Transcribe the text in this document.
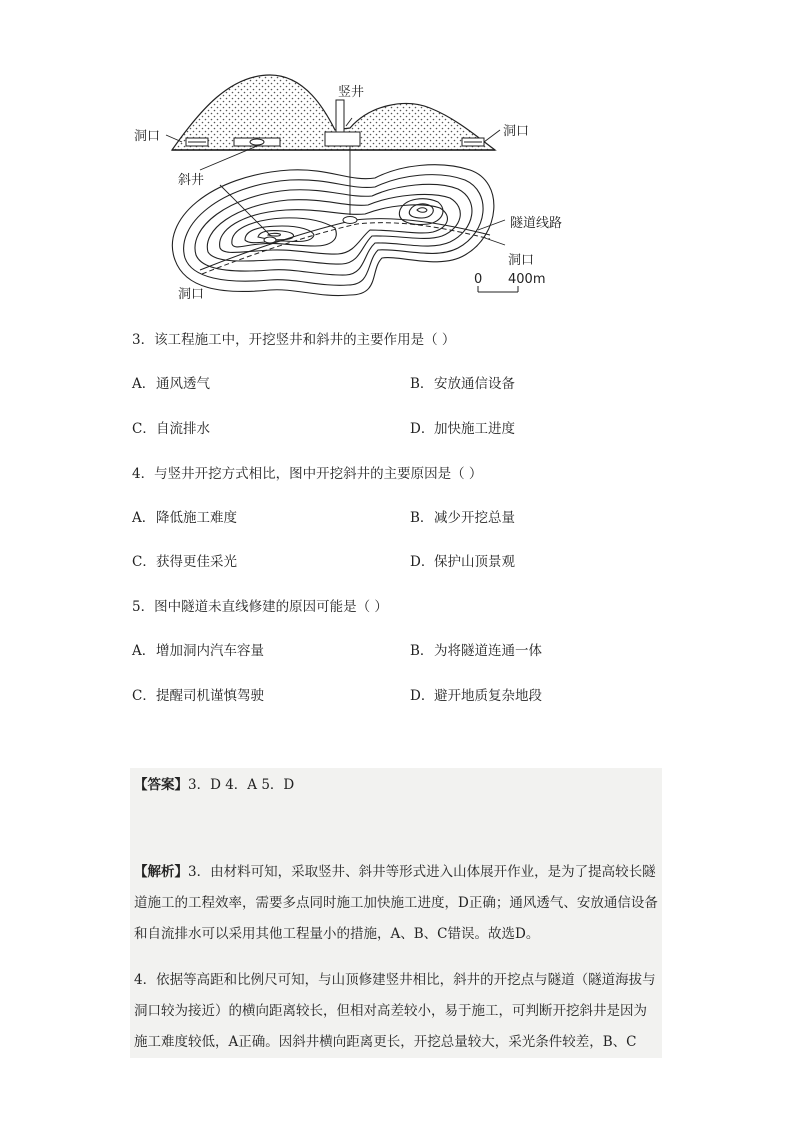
竖井
洞口	洞口
斜井
隧道线路
洞口
洞口
0 400m
3．该工程施工中，开挖竖井和斜井的主要作用是（ ）
A．通风透气	B．安放通信设备
C．自流排水	D．加快施工进度
4．与竖井开挖方式相比，图中开挖斜井的主要原因是（ ）
A．降低施工难度	B．减少开挖总量
C．获得更佳采光	D．保护山顶景观
5．图中隧道未直线修建的原因可能是（ ）
A．增加洞内汽车容量	B．为将隧道连通一体
C．提醒司机谨慎驾驶	D．避开地质复杂地段
【答案】3．D 4．A 5．D
【解析】3．由材料可知，采取竖井、斜井等形式进入山体展开作业，是为了提高较长隧道施工的工程效率，需要多点同时施工加快施工进度，D正确；通风透气、安放通信设备和自流排水可以采用其他工程量小的措施，A、B、C错误。故选D。
4．依据等高距和比例尺可知，与山顶修建竖井相比，斜井的开挖点与隧道（隧道海拔与洞口较为接近）的横向距离较长，但相对高差较小，易于施工，可判断开挖斜井是因为施工难度较低，A正确。因斜井横向距离更长，开挖总量较大，采光条件较差，B、C
